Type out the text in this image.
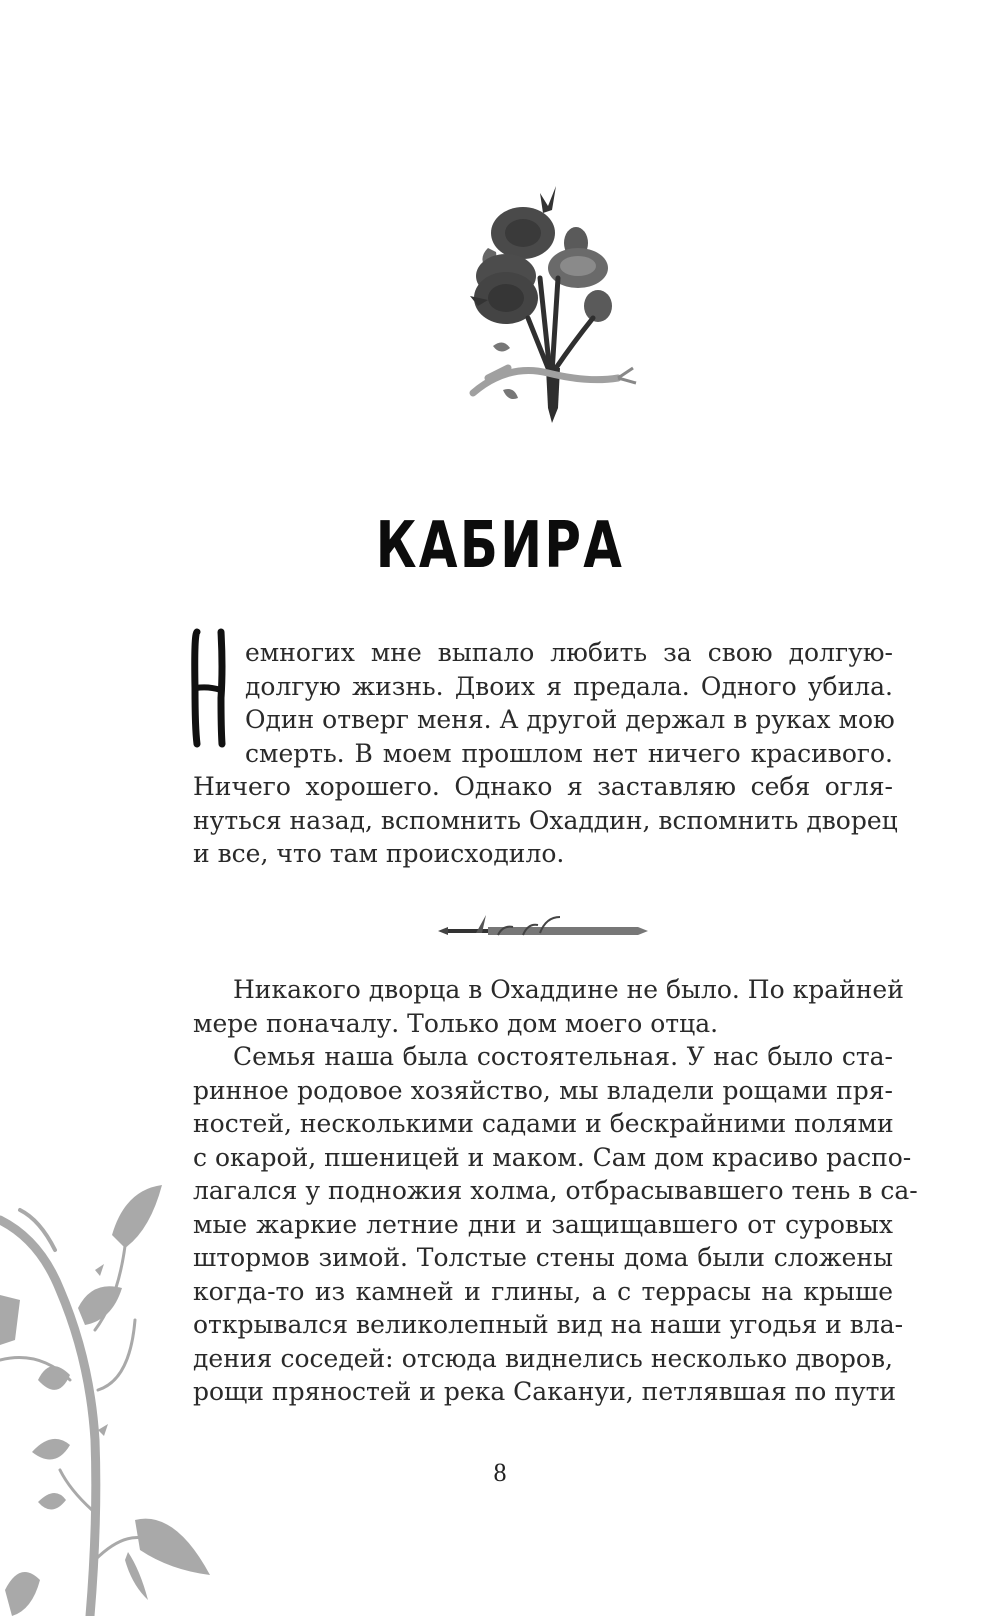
КАБИРА
емногих мне выпало любить за свою долгую-
долгую жизнь. Двоих я предала. Одного убила.
Один отверг меня. А другой держал в руках мою
смерть. В моем прошлом нет ничего красивого.
Ничего хорошего. Однако я заставляю себя огля-
нуться назад, вспомнить Охаддин, вспомнить дворец
и все, что там происходило.
Никакого дворца в Охаддине не было. По крайней
мере поначалу. Только дом моего отца.
Семья наша была состоятельная. У нас было ста-
ринное родовое хозяйство, мы владели рощами пря-
ностей, несколькими садами и бескрайними полями
с окарой, пшеницей и маком. Сам дом красиво распо-
лагался у подножия холма, отбрасывавшего тень в са-
мые жаркие летние дни и защищавшего от суровых
штормов зимой. Толстые стены дома были сложены
когда-то из камней и глины, а с террасы на крыше
открывался великолепный вид на наши угодья и вла-
дения соседей: отсюда виднелись несколько дворов,
рощи пряностей и река Сакануи, петлявшая по пути
8
